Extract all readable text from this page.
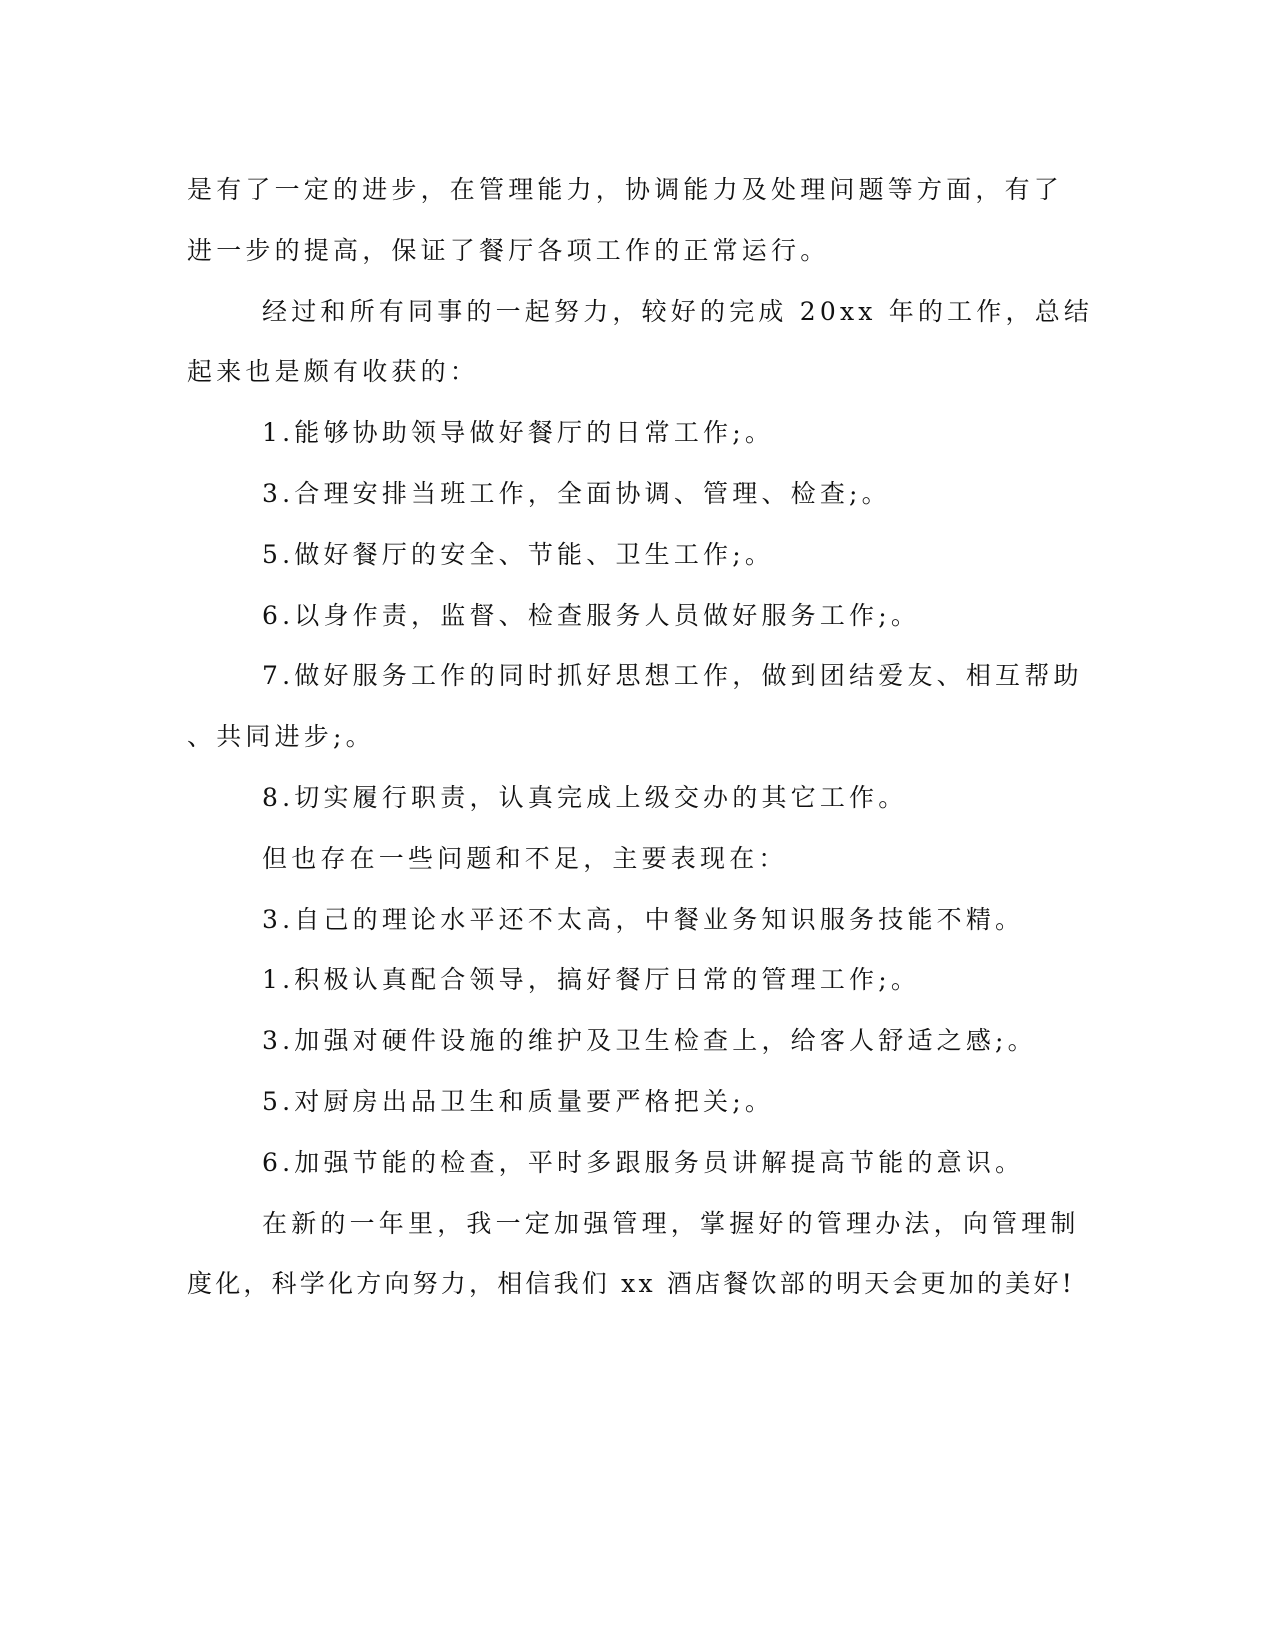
是有了一定的进步，在管理能力，协调能力及处理问题等方面，有了
进一步的提高，保证了餐厅各项工作的正常运行。
经过和所有同事的一起努力，较好的完成 20xx 年的工作，总结
起来也是颇有收获的：
1.能够协助领导做好餐厅的日常工作;。
3.合理安排当班工作，全面协调、管理、检查;。
5.做好餐厅的安全、节能、卫生工作;。
6.以身作责，监督、检查服务人员做好服务工作;。
7.做好服务工作的同时抓好思想工作，做到团结爱友、相互帮助
、共同进步;。
8.切实履行职责，认真完成上级交办的其它工作。
但也存在一些问题和不足，主要表现在：
3.自己的理论水平还不太高，中餐业务知识服务技能不精。
1.积极认真配合领导，搞好餐厅日常的管理工作;。
3.加强对硬件设施的维护及卫生检查上，给客人舒适之感;。
5.对厨房出品卫生和质量要严格把关;。
6.加强节能的检查，平时多跟服务员讲解提高节能的意识。
在新的一年里，我一定加强管理，掌握好的管理办法，向管理制
度化，科学化方向努力，相信我们 xx 酒店餐饮部的明天会更加的美好!
